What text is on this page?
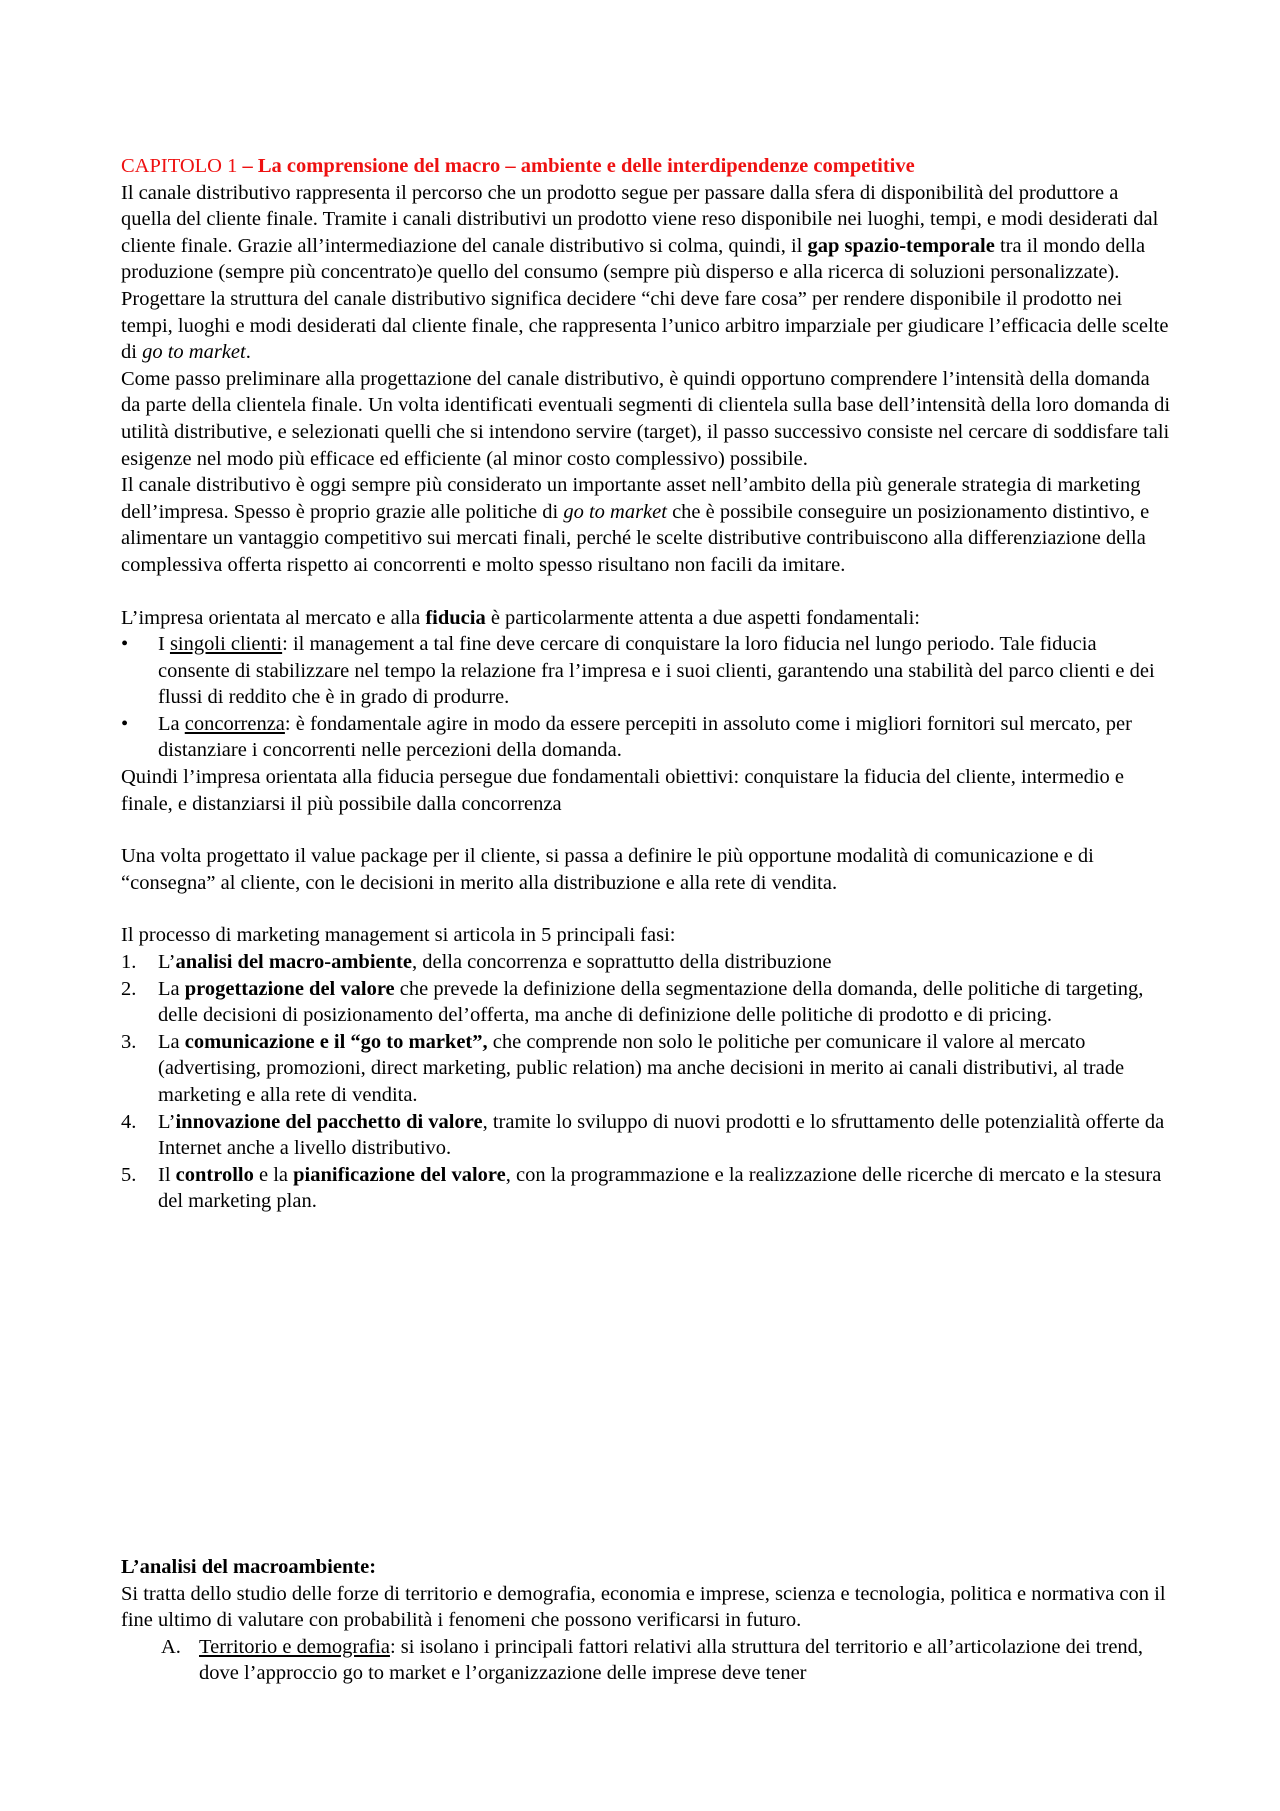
CAPITOLO 1 – La comprensione del macro – ambiente e delle interdipendenze competitive

Il canale distributivo rappresenta il percorso che un prodotto segue per passare dalla sfera di disponibilità del produttore a quella del cliente finale. Tramite i canali distributivi un prodotto viene reso disponibile nei luoghi, tempi, e modi desiderati dal cliente finale. Grazie all’intermediazione del canale distributivo si colma, quindi, il gap spazio-temporale tra il mondo della produzione (sempre più concentrato)e quello del consumo (sempre più disperso e alla ricerca di soluzioni personalizzate). Progettare la struttura del canale distributivo significa decidere “chi deve fare cosa” per rendere disponibile il prodotto nei tempi, luoghi e modi desiderati dal cliente finale, che rappresenta l’unico arbitro imparziale per giudicare l’efficacia delle scelte di go to market.

Come passo preliminare alla progettazione del canale distributivo, è quindi opportuno comprendere l’intensità della domanda da parte della clientela finale. Un volta identificati eventuali segmenti di clientela sulla base dell’intensità della loro domanda di utilità distributive, e selezionati quelli che si intendono servire (target), il passo successivo consiste nel cercare di soddisfare tali esigenze nel modo più efficace ed efficiente (al minor costo complessivo) possibile.

Il canale distributivo è oggi sempre più considerato un importante asset nell’ambito della più generale strategia di marketing dell’impresa. Spesso è proprio grazie alle politiche di go to market che è possibile conseguire un posizionamento distintivo, e alimentare un vantaggio competitivo sui mercati finali, perché le scelte distributive contribuiscono alla differenziazione della complessiva offerta rispetto ai concorrenti e molto spesso risultano non facili da imitare.

L’impresa orientata al mercato e alla fiducia è particolarmente attenta a due aspetti fondamentali:

• I singoli clienti: il management a tal fine deve cercare di conquistare la loro fiducia nel lungo periodo. Tale fiducia consente di stabilizzare nel tempo la relazione fra l’impresa e i suoi clienti, garantendo una stabilità del parco clienti e dei flussi di reddito che è in grado di produrre.
• La concorrenza: è fondamentale agire in modo da essere percepiti in assoluto come i migliori fornitori sul mercato, per distanziare i concorrenti nelle percezioni della domanda.

Quindi l’impresa orientata alla fiducia persegue due fondamentali obiettivi: conquistare la fiducia del cliente, intermedio e finale, e distanziarsi il più possibile dalla concorrenza

Una volta progettato il value package per il cliente, si passa a definire le più opportune modalità di comunicazione e di “consegna” al cliente, con le decisioni in merito alla distribuzione e alla rete di vendita.

Il processo di marketing management si articola in 5 principali fasi:

1. L’analisi del macro-ambiente, della concorrenza e soprattutto della distribuzione
2. La progettazione del valore che prevede la definizione della segmentazione della domanda, delle politiche di targeting, delle decisioni di posizionamento del’offerta, ma anche di definizione delle politiche di prodotto e di pricing.
3. La comunicazione e il “go to market”, che comprende non solo le politiche per comunicare il valore al mercato (advertising, promozioni, direct marketing, public relation) ma anche decisioni in merito ai canali distributivi, al trade marketing e alla rete di vendita.
4. L’innovazione del pacchetto di valore, tramite lo sviluppo di nuovi prodotti e lo sfruttamento delle potenzialità offerte da Internet anche a livello distributivo.
5. Il controllo e la pianificazione del valore, con la programmazione e la realizzazione delle ricerche di mercato e la stesura del marketing plan.

L’analisi del macroambiente:

Si tratta dello studio delle forze di territorio e demografia, economia e imprese, scienza e tecnologia, politica e normativa con il fine ultimo di valutare con probabilità i fenomeni che possono verificarsi in futuro.

A. Territorio e demografia: si isolano i principali fattori relativi alla struttura del territorio e all’articolazione dei trend, dove l’approccio go to market e l’organizzazione delle imprese deve tener
